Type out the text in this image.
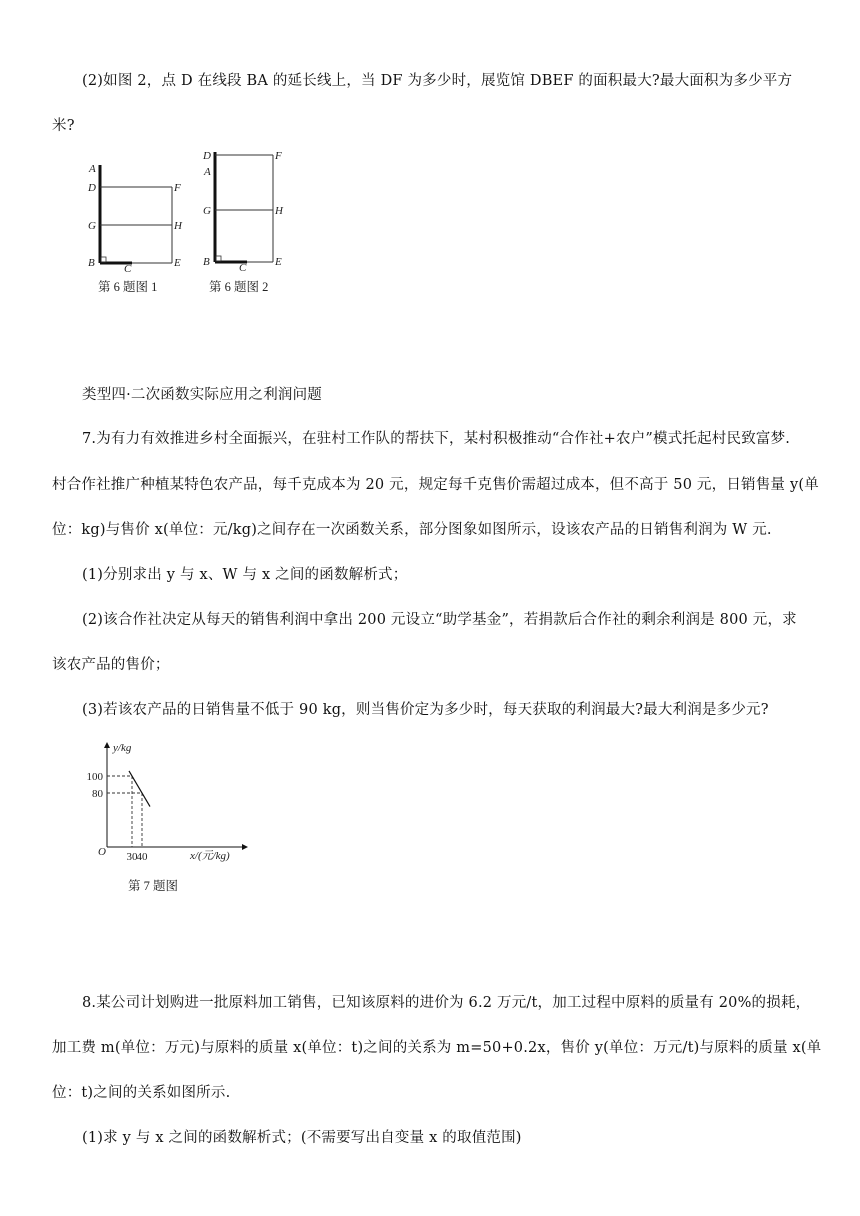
(2)如图 2，点 D 在线段 BA 的延长线上，当 DF 为多少时，展览馆 DBEF 的面积最大?最大面积为多少平方
米?
A
D	F
G	H
B	C	E
第 6 题图 1
D	F
A
G	H
B	C	E
第 6 题图 2
类型四·二次函数实际应用之利润问题
7.为有力有效推进乡村全面振兴，在驻村工作队的帮扶下，某村积极推动“合作社+农户”模式托起村民致富梦.
村合作社推广种植某特色农产品，每千克成本为 20 元，规定每千克售价需超过成本，但不高于 50 元，日销售量 y(单
位：kg)与售价 x(单位：元/kg)之间存在一次函数关系，部分图象如图所示，设该农产品的日销售利润为 W 元.
(1)分别求出 y 与 x、W 与 x 之间的函数解析式；
(2)该合作社决定从每天的销售利润中拿出 200 元设立“助学基金”，若捐款后合作社的剩余利润是 800 元，求
该农产品的售价；
(3)若该农产品的日销售量不低于 90 kg，则当售价定为多少时，每天获取的利润最大?最大利润是多少元?
y/kg
x/(元/kg)
O
100
80
30 40
第 7 题图
8.某公司计划购进一批原料加工销售，已知该原料的进价为 6.2 万元/t，加工过程中原料的质量有 20%的损耗，
加工费 m(单位：万元)与原料的质量 x(单位：t)之间的关系为 m=50+0.2x，售价 y(单位：万元/t)与原料的质量 x(单
位：t)之间的关系如图所示.
(1)求 y 与 x 之间的函数解析式；(不需要写出自变量 x 的取值范围)
